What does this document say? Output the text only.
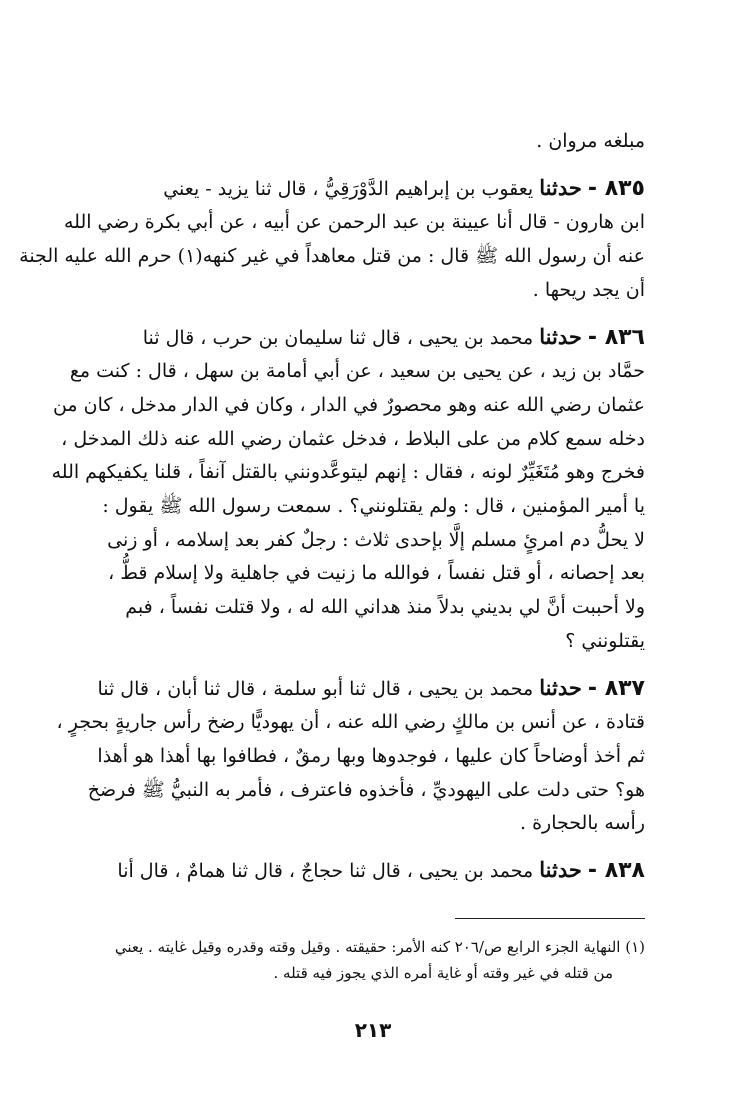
مبلغه مروان .
٨٣٥ - حدثنا يعقوب بن إبراهيم الدَّوْرَقِيُّ ، قال ثنا يزيد - يعني
ابن هارون - قال أنا عيينة بن عبد الرحمن عن أبيه ، عن أبي بكرة رضي الله
عنه أن رسول الله ﷺ قال : من قتل معاهداً في غير كنهه(١) حرم الله عليه الجنة
أن يجد ريحها .
٨٣٦ - حدثنا محمد بن يحيى ، قال ثنا سليمان بن حرب ، قال ثنا
حمَّاد بن زيد ، عن يحيى بن سعيد ، عن أبي أمامة بن سهل ، قال : كنت مع
عثمان رضي الله عنه وهو محصورٌ في الدار ، وكان في الدار مدخل ، كان من
دخله سمع كلام من على البلاط ، فدخل عثمان رضي الله عنه ذلك المدخل ،
فخرج وهو مُتَغَيِّرٌ لونه ، فقال : إنهم ليتوعَّدونني بالقتل آنفاً ، قلنا يكفيكهم الله
يا أمير المؤمنين ، قال : ولم يقتلونني؟ . سمعت رسول الله ﷺ يقول :
لا يحلُّ دم امرئٍ مسلم إلَّا بإحدى ثلاث : رجلٌ كفر بعد إسلامه ، أو زنى
بعد إحصانه ، أو قتل نفساً ، فوالله ما زنيت في جاهلية ولا إسلام قطُّ ،
ولا أحببت أنَّ لي بديني بدلاً منذ هداني الله له ، ولا قتلت نفساً ، فبم
يقتلونني ؟
٨٣٧ - حدثنا محمد بن يحيى ، قال ثنا أبو سلمة ، قال ثنا أبان ، قال ثنا
قتادة ، عن أنس بن مالكٍ رضي الله عنه ، أن يهوديًّا رضخ رأس جاريةٍ بحجرٍ ،
ثم أخذ أوضاحاً كان عليها ، فوجدوها وبها رمقٌ ، فطافوا بها أهذا هو أهذا
هو؟ حتى دلت على اليهوديِّ ، فأخذوه فاعترف ، فأمر به النبيُّ ﷺ فرضخ
رأسه بالحجارة .
٨٣٨ - حدثنا محمد بن يحيى ، قال ثنا حجاجٌ ، قال ثنا همامٌ ، قال أنا
(١) النهاية الجزء الرابع ص/٢٠٦ كنه الأمر: حقيقته . وقيل وقته وقدره وقيل غايته . يعني
من قتله في غير وقته أو غاية أمره الذي يجوز فيه قتله .
٢١٣
